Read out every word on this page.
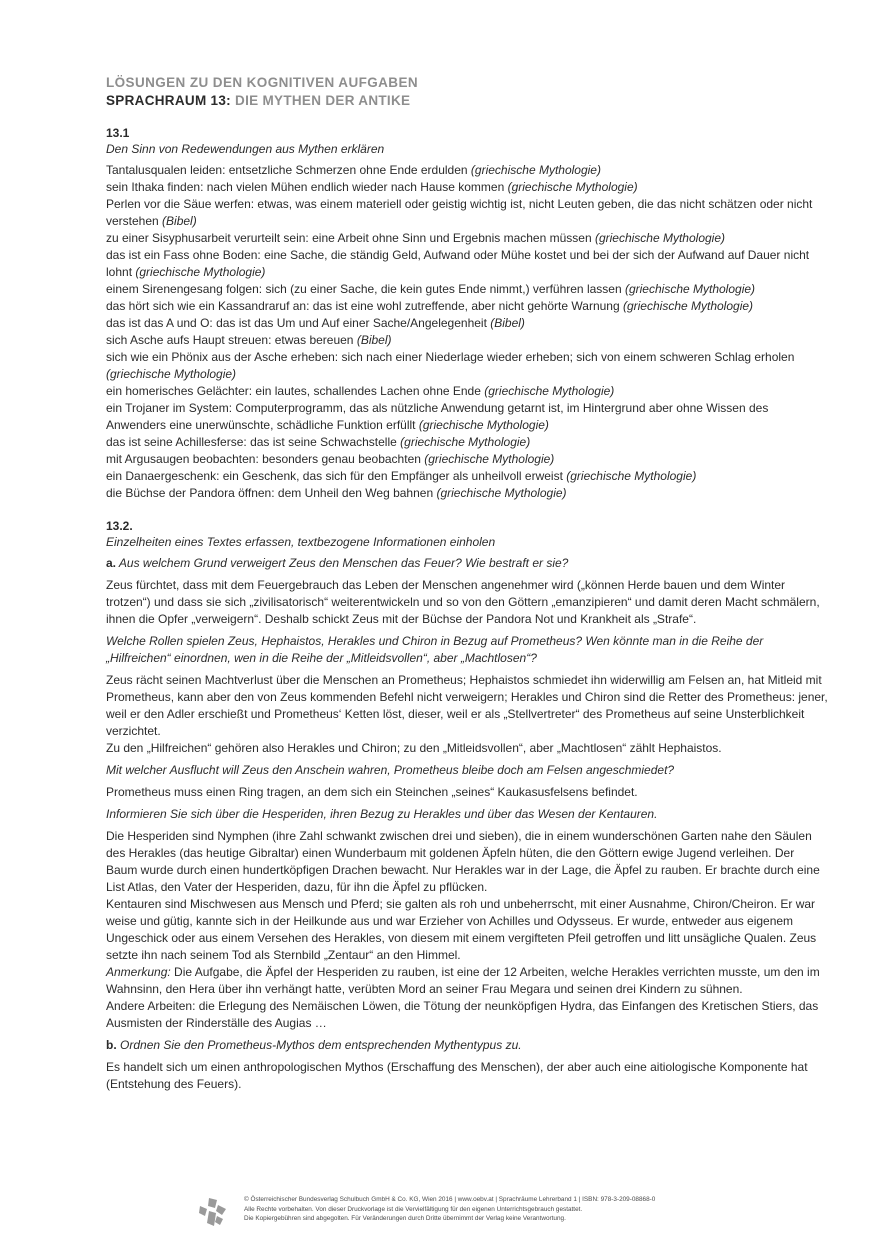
LÖSUNGEN ZU DEN KOGNITIVEN AUFGABEN

SPRACHRAUM 13: DIE MYTHEN DER ANTIKE

13.1

Den Sinn von Redewendungen aus Mythen erklären

Tantalusqualen leiden: entsetzliche Schmerzen ohne Ende erdulden (griechische Mythologie)

sein Ithaka finden: nach vielen Mühen endlich wieder nach Hause kommen (griechische Mythologie)

Perlen vor die Säue werfen: etwas, was einem materiell oder geistig wichtig ist, nicht Leuten geben, die das nicht schätzen oder nicht verstehen (Bibel)

zu einer Sisyphusarbeit verurteilt sein: eine Arbeit ohne Sinn und Ergebnis machen müssen (griechische Mythologie)

das ist ein Fass ohne Boden: eine Sache, die ständig Geld, Aufwand oder Mühe kostet und bei der sich der Aufwand auf Dauer nicht lohnt (griechische Mythologie)

einem Sirenengesang folgen: sich (zu einer Sache, die kein gutes Ende nimmt,) verführen lassen (griechische Mythologie)

das hört sich wie ein Kassandraruf an: das ist eine wohl zutreffende, aber nicht gehörte Warnung (griechische Mythologie)

das ist das A und O: das ist das Um und Auf einer Sache/Angelegenheit (Bibel)

sich Asche aufs Haupt streuen: etwas bereuen (Bibel)

sich wie ein Phönix aus der Asche erheben: sich nach einer Niederlage wieder erheben; sich von einem schweren Schlag erholen (griechische Mythologie)

ein homerisches Gelächter: ein lautes, schallendes Lachen ohne Ende (griechische Mythologie)

ein Trojaner im System: Computerprogramm, das als nützliche Anwendung getarnt ist, im Hintergrund aber ohne Wissen des Anwenders eine unerwünschte, schädliche Funktion erfüllt (griechische Mythologie)

das ist seine Achillesferse: das ist seine Schwachstelle (griechische Mythologie)

mit Argusaugen beobachten: besonders genau beobachten (griechische Mythologie)

ein Danaergeschenk: ein Geschenk, das sich für den Empfänger als unheilvoll erweist (griechische Mythologie)

die Büchse der Pandora öffnen: dem Unheil den Weg bahnen (griechische Mythologie)

13.2.

Einzelheiten eines Textes erfassen, textbezogene Informationen einholen

a. Aus welchem Grund verweigert Zeus den Menschen das Feuer? Wie bestraft er sie?

Zeus fürchtet, dass mit dem Feuergebrauch das Leben der Menschen angenehmer wird („können Herde bauen und dem Winter trotzen“) und dass sie sich „zivilisatorisch“ weiterentwickeln und so von den Göttern „emanzipieren“ und damit deren Macht schmälern, ihnen die Opfer „verweigern“. Deshalb schickt Zeus mit der Büchse der Pandora Not und Krankheit als „Strafe“.

Welche Rollen spielen Zeus, Hephaistos, Herakles und Chiron in Bezug auf Prometheus? Wen könnte man in die Reihe der „Hilfreichen“ einordnen, wen in die Reihe der „Mitleidsvollen“, aber „Machtlosen“?

Zeus rächt seinen Machtverlust über die Menschen an Prometheus; Hephaistos schmiedet ihn widerwillig am Felsen an, hat Mitleid mit Prometheus, kann aber den von Zeus kommenden Befehl nicht verweigern; Herakles und Chiron sind die Retter des Prometheus: jener, weil er den Adler erschießt und Prometheus‘ Ketten löst, dieser, weil er als „Stellvertreter“ des Prometheus auf seine Unsterblichkeit verzichtet.

Zu den „Hilfreichen“ gehören also Herakles und Chiron; zu den „Mitleidsvollen“, aber „Machtlosen“ zählt Hephaistos.

Mit welcher Ausflucht will Zeus den Anschein wahren, Prometheus bleibe doch am Felsen angeschmiedet?

Prometheus muss einen Ring tragen, an dem sich ein Steinchen „seines“ Kaukasusfelsens befindet.

Informieren Sie sich über die Hesperiden, ihren Bezug zu Herakles und über das Wesen der Kentauren.

Die Hesperiden sind Nymphen (ihre Zahl schwankt zwischen drei und sieben), die in einem wunderschönen Garten nahe den Säulen des Herakles (das heutige Gibraltar) einen Wunderbaum mit goldenen Äpfeln hüten, die den Göttern ewige Jugend verleihen. Der Baum wurde durch einen hundertköpfigen Drachen bewacht. Nur Herakles war in der Lage, die Äpfel zu rauben. Er brachte durch eine List Atlas, den Vater der Hesperiden, dazu, für ihn die Äpfel zu pflücken.

Kentauren sind Mischwesen aus Mensch und Pferd; sie galten als roh und unbeherrscht, mit einer Ausnahme, Chiron/Cheiron. Er war weise und gütig, kannte sich in der Heilkunde aus und war Erzieher von Achilles und Odysseus. Er wurde, entweder aus eigenem Ungeschick oder aus einem Versehen des Herakles, von diesem mit einem vergifteten Pfeil getroffen und litt unsägliche Qualen. Zeus setzte ihn nach seinem Tod als Sternbild „Zentaur“ an den Himmel.

Anmerkung: Die Aufgabe, die Äpfel der Hesperiden zu rauben, ist eine der 12 Arbeiten, welche Herakles verrichten musste, um den im Wahnsinn, den Hera über ihn verhängt hatte, verübten Mord an seiner Frau Megara und seinen drei Kindern zu sühnen.

Andere Arbeiten: die Erlegung des Nemäischen Löwen, die Tötung der neunköpfigen Hydra, das Einfangen des Kretischen Stiers, das Ausmisten der Rinderställe des Augias …

b. Ordnen Sie den Prometheus-Mythos dem entsprechenden Mythentypus zu.

Es handelt sich um einen anthropologischen Mythos (Erschaffung des Menschen), der aber auch eine aitiologische Komponente hat (Entstehung des Feuers).

© Österreichischer Bundesverlag Schulbuch GmbH & Co. KG, Wien 2016 | www.oebv.at | Sprachräume Lehrerband 1 | ISBN: 978-3-209-08868-0
Alle Rechte vorbehalten. Von dieser Druckvorlage ist die Vervielfältigung für den eigenen Unterrichtsgebrauch gestattet.
Die Kopiergebühren sind abgegolten. Für Veränderungen durch Dritte übernimmt der Verlag keine Verantwortung.
